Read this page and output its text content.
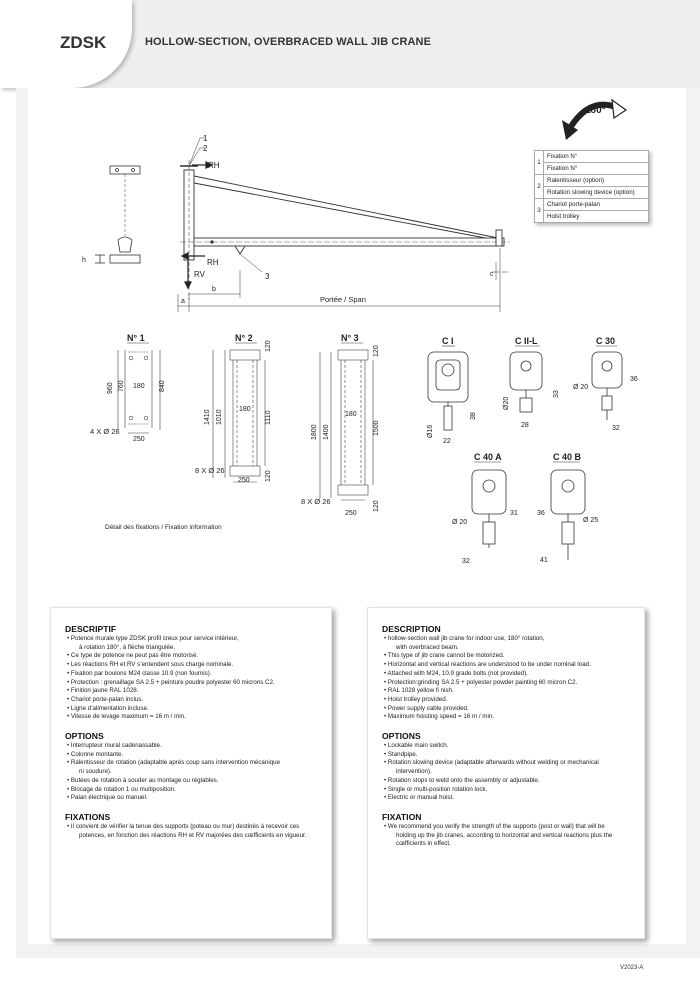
ZDSK	HOLLOW-SECTION, OVERBRACED WALL JIB CRANE
180°
h
1
2
3
RH
RH
RV
a
b
c
Portée / Span
N° 1
960 760 180 840
250
4 X Ø 26
N° 2
1410 1010 180
1110
250
120
120
8 X Ø 26
N° 3
1800 1400
180
1500
250
120
120
8 X Ø 26
C I
38
Ø16
22
C II-L
Ø20
33
28
C 30
36
Ø 20
32
C 40 A
Ø 20
31
32
C 40 B
36
Ø 25
41
1	Fixation N°
	Fixation N°
2	Ralentisseur (option)
	Rotation slowing device (option)
3	Chariot porte-palan
	Hoist trolley
Détail des fixations / Fixation information
DESCRIPTIF
• Potence murale type ZDSK profil creux pour service intérieur,
à rotation 180°, à flèche triangulée.
• Ce type de potence ne peut pas être motorisé.
• Les réactions RH et RV s’entendent sous charge nominale.
• Fixation par boulons M24 classe 10.9 (non fournis).
• Protection : grenaillage SA 2.5 + peinture poudre polyester 60 microns C2.
• Finition jaune RAL 1028.
• Chariot porte-palan inclus.
• Ligne d’alimentation incluse.
• Vitesse de levage maximum = 16 m / min.
OPTIONS
• Interrupteur mural cadenassable.
• Colonne montante.
• Ralentisseur de rotation (adaptable après coup sans intervention mécanique
ni soudure).
• Butées de rotation à souder au montage ou réglables.
• Blocage de rotation 1 ou multiposition.
• Palan électrique ou manuel.
FIXATIONS
• Il convient de vérifier la tenue des supports (poteau ou mur) destinés à recevoir ces
potences, en fonction des réactions RH et RV majorées des cœfficients en vigueur.
DESCRIPTION
• hollow-section wall jib crane for indoor use, 180° rotation,
with overbraced beam.
• This type of jib crane cannot be motorized.
• Horizontal and vertical reactions are understood to be under nominal load.
• Attached with M24, 10.9 grade bolts (not provided).
• Protection:grinding SA 2.5 + polyester powder painting 60 micron C2.
• RAL 1028 yellow fi nish.
• Hoist trolley provided.
• Power supply cable provided.
• Maximum hoisting speed = 16 m / min.
OPTIONS
• Lockable main switch.
• Standpipe.
• Rotation slowing device (adaptable afterwards without welding or mechanical
intervention).
• Rotation stops to weld onto the assembly or adjustable.
• Single or multi-position rotation lock.
• Electric or manual hoist.
FIXATION
• We recommend you verify the strength of the supports (post or wall) that will be
holding up the jib cranes, according to horizontal and vertical reactions plus the
cœfficients in effect.
V2023-A
